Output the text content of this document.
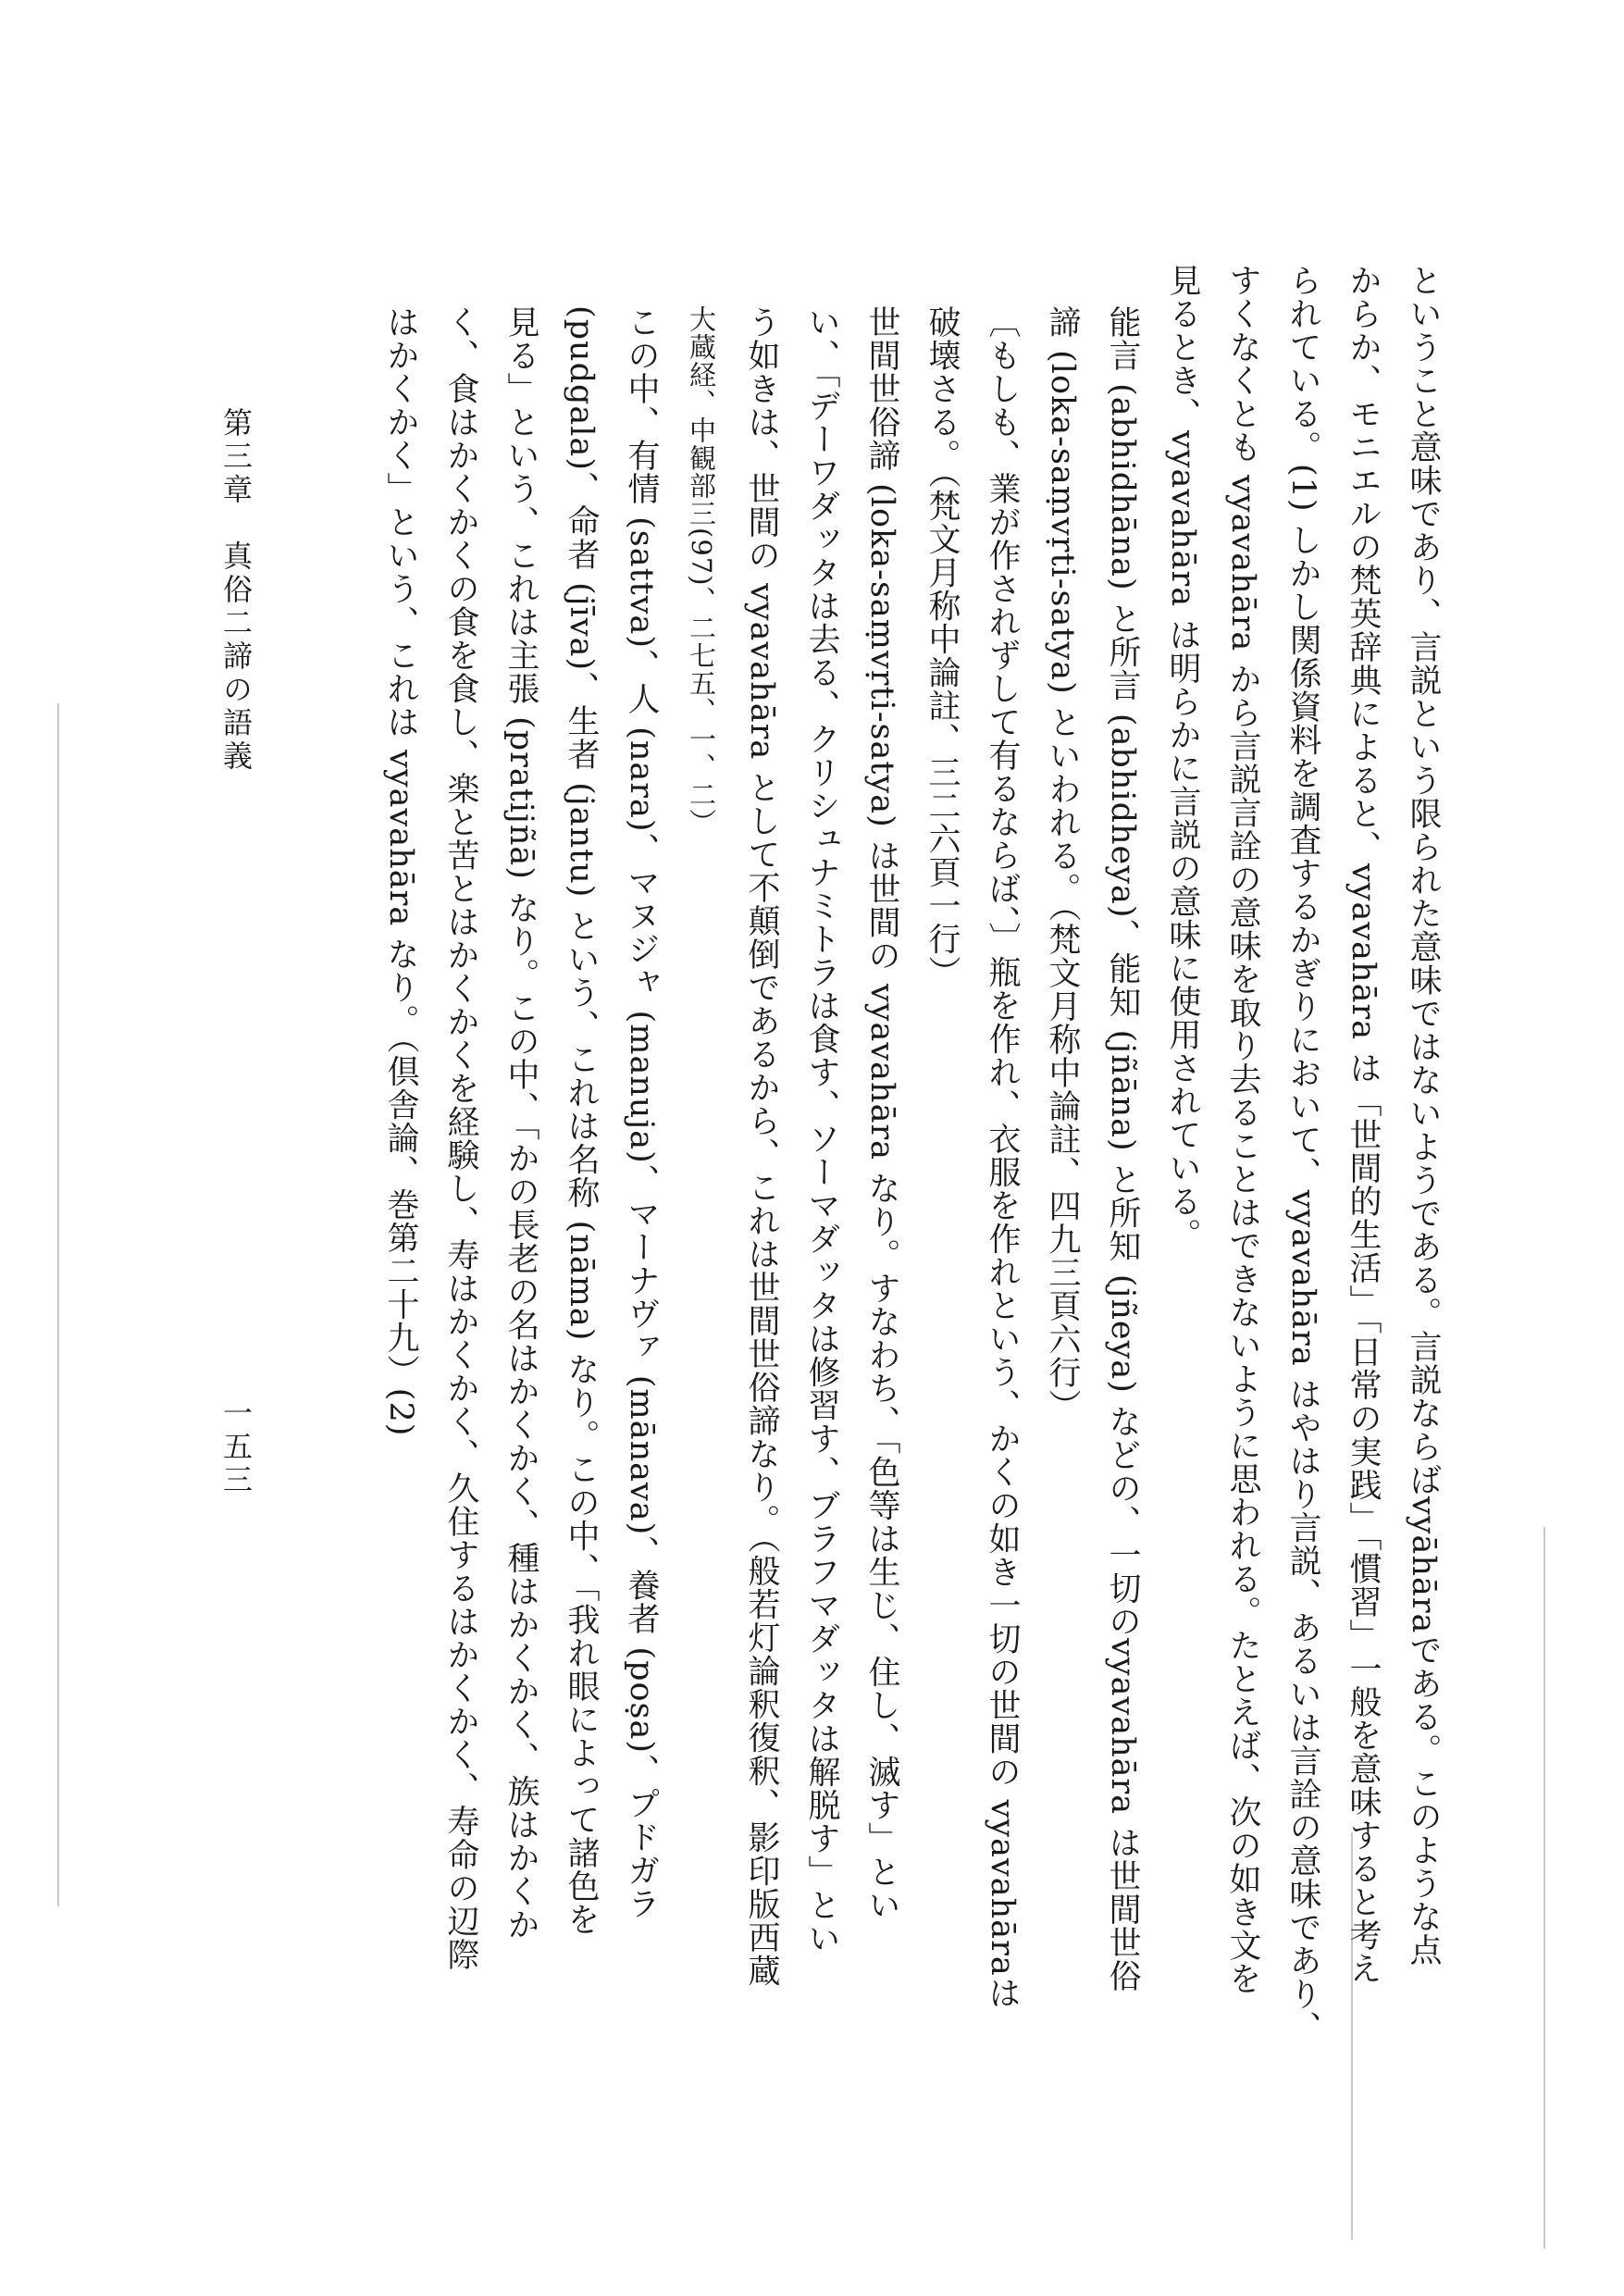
ということ意味であり、言説という限られた意味ではないようである。言説ならばvyāhāraである。このような点
からか、モニエルの梵英辞典によると、vyavahāra は「世間的生活」「日常の実践」「慣習」一般を意味すると考え
られている。(1) しかし関係資料を調査するかぎりにおいて、vyavahāra はやはり言説、あるいは言詮の意味であり、
すくなくとも vyavahāra から言説言詮の意味を取り去ることはできないように思われる。たとえば、次の如き文を
見るとき、vyavahāra は明らかに言説の意味に使用されている。
能言 (abhidhāna) と所言 (abhidheya)、能知 (jñāna) と所知 (jñeya) などの、一切のvyavahāra は世間世俗
諦 (loka-saṃvṛti-satya) といわれる。（梵文月称中論註、四九三頁六行）
〔もしも、業が作されずして有るならば、〕瓶を作れ、衣服を作れという、かくの如き一切の世間の vyavahāraは
破壊さる。（梵文月称中論註、三二六頁一行）
世間世俗諦 (loka-saṃvṛti-satya) は世間の vyavahāra なり。すなわち、「色等は生じ、住し、滅す」とい
い、「デーワダッタは去る、クリシュナミトラは食す、ソーマダッタは修習す、ブラフマダッタは解脱す」とい
う如きは、世間の vyavahāra として不顛倒であるから、これは世間世俗諦なり。（般若灯論釈復釈、影印版西蔵
大蔵経、中観部三(97)、二七五、一、二）
この中、有情 (sattva)、人 (nara)、マヌジャ (manuja)、マーナヴァ (mānava)、養者 (poṣa)、プドガラ
(pudgala)、命者 (jīva)、生者 (jantu) という、これは名称 (nāma) なり。この中、「我れ眼によって諸色を
見る」という、これは主張 (pratijñā) なり。この中、「かの長老の名はかくかく、種はかくかく、族はかくか
く、食はかくかくの食を食し、楽と苦とはかくかくを経験し、寿はかくかく、久住するはかくかく、寿命の辺際
はかくかく」という、これは vyavahāra なり。（倶舎論、巻第二十九）(2)
第三章　真俗二諦の語義
一五三
